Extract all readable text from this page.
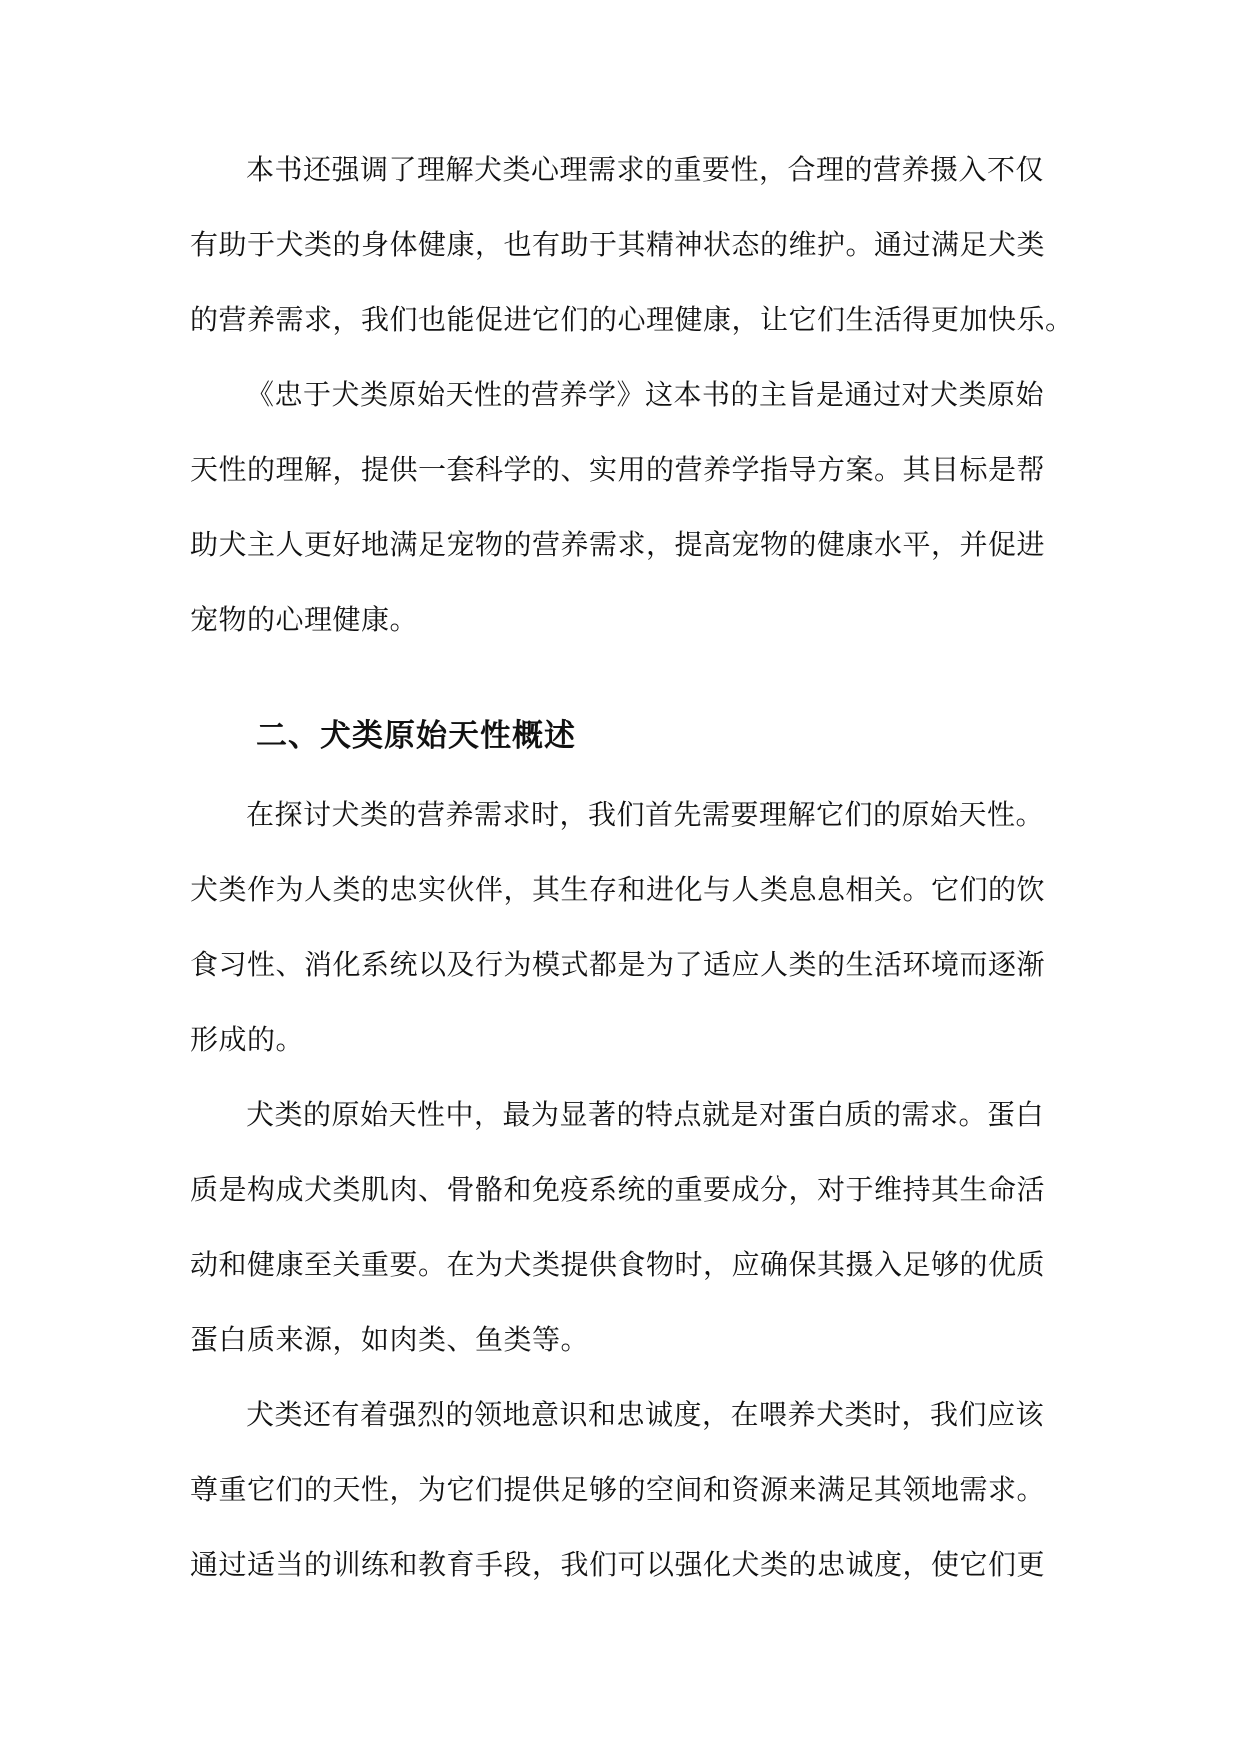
本书还强调了理解犬类心理需求的重要性，合理的营养摄入不仅
有助于犬类的身体健康，也有助于其精神状态的维护。通过满足犬类
的营养需求，我们也能促进它们的心理健康，让它们生活得更加快乐。
《忠于犬类原始天性的营养学》这本书的主旨是通过对犬类原始
天性的理解，提供一套科学的、实用的营养学指导方案。其目标是帮
助犬主人更好地满足宠物的营养需求，提高宠物的健康水平，并促进
宠物的心理健康。
二、犬类原始天性概述
在探讨犬类的营养需求时，我们首先需要理解它们的原始天性。
犬类作为人类的忠实伙伴，其生存和进化与人类息息相关。它们的饮
食习性、消化系统以及行为模式都是为了适应人类的生活环境而逐渐
形成的。
犬类的原始天性中，最为显著的特点就是对蛋白质的需求。蛋白
质是构成犬类肌肉、骨骼和免疫系统的重要成分，对于维持其生命活
动和健康至关重要。在为犬类提供食物时，应确保其摄入足够的优质
蛋白质来源，如肉类、鱼类等。
犬类还有着强烈的领地意识和忠诚度，在喂养犬类时，我们应该
尊重它们的天性，为它们提供足够的空间和资源来满足其领地需求。
通过适当的训练和教育手段，我们可以强化犬类的忠诚度，使它们更
